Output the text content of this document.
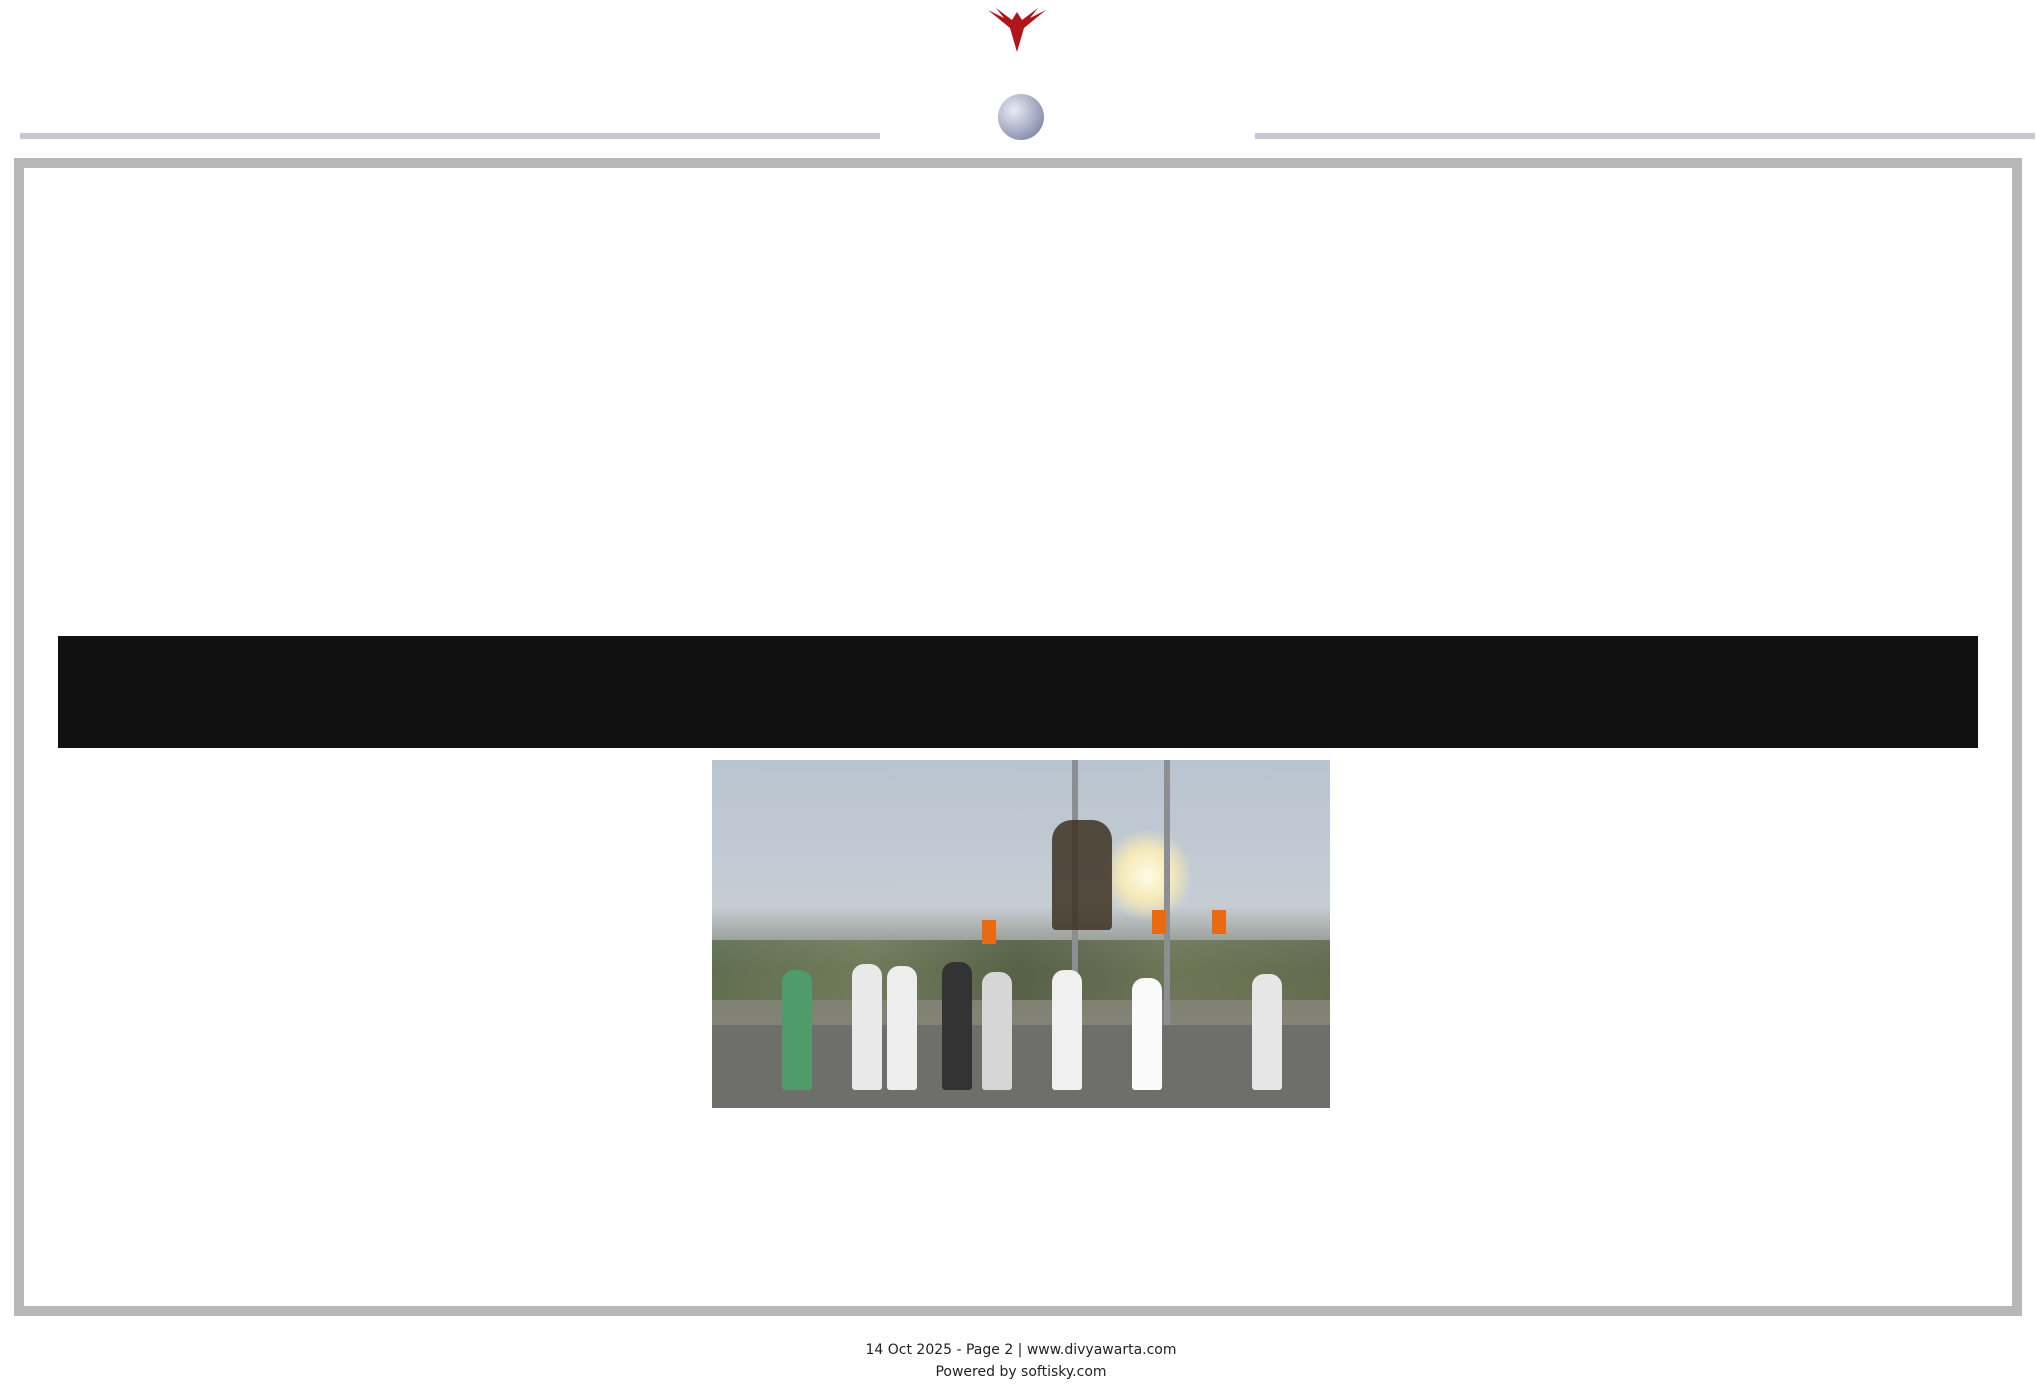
14 Oct 2025 - Page 2 | www.divyawarta.com
Powered by softisky.com
